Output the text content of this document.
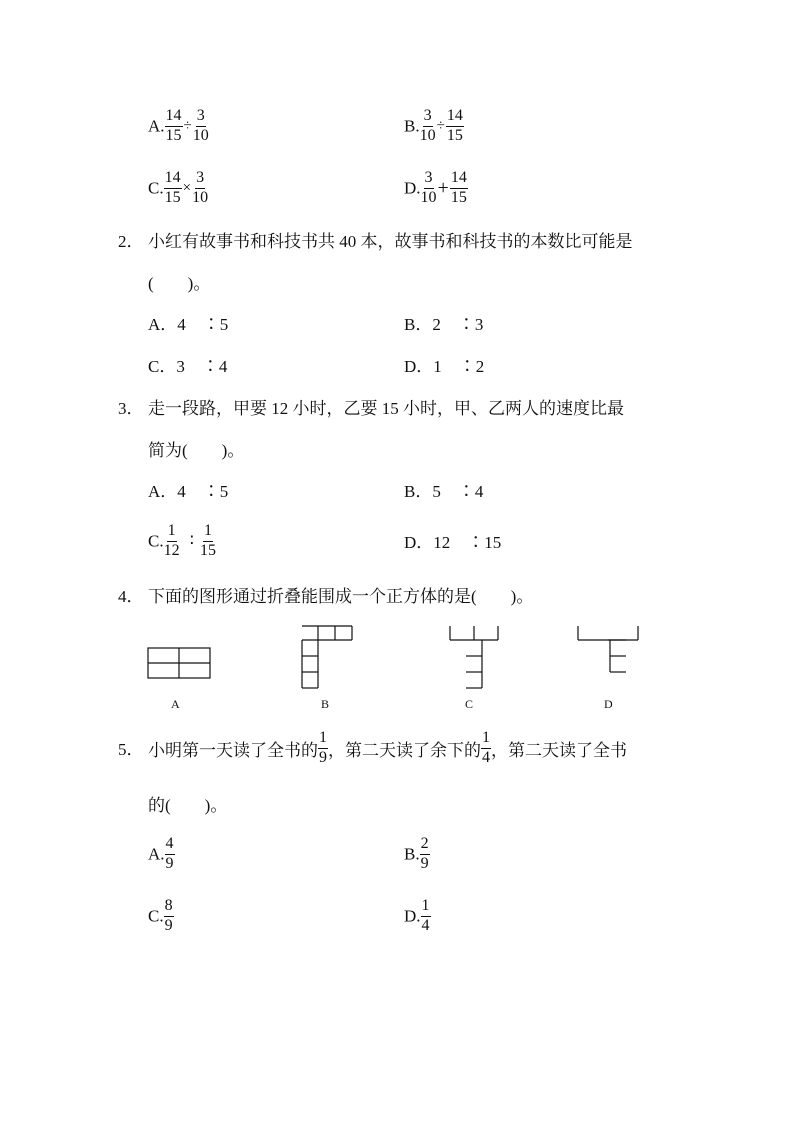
A. $\frac{14}{15} \div \frac{3}{10}$	B. $\frac{3}{10} \div \frac{14}{15}$
C. $\frac{14}{15} \times \frac{3}{10}$	D. $\frac{3}{10} + \frac{14}{15}$
2． 小红有故事书和科技书共 40 本，故事书和科技书的本数比可能是
(　　)。
A．4　∶5	B．2　∶3
C．3　∶4	D．1　∶2
3． 走一段路，甲要 12 小时，乙要 15 小时，甲、乙两人的速度比最
简为(　　)。
A．4　∶5	B．5　∶4
C. $\frac{1}{12}$ ∶ $\frac{1}{15}$	D．12　∶15
4． 下面的图形通过折叠能围成一个正方体的是(　　)。
A	B	C	D
5． 小明第一天读了全书的 $\frac{1}{9}$ ，第二天读了余下的 $\frac{1}{4}$ ，第二天读了全书
的(　　)。
A. $\frac{4}{9}$	B. $\frac{2}{9}$
C. $\frac{8}{9}$	D. $\frac{1}{4}$
